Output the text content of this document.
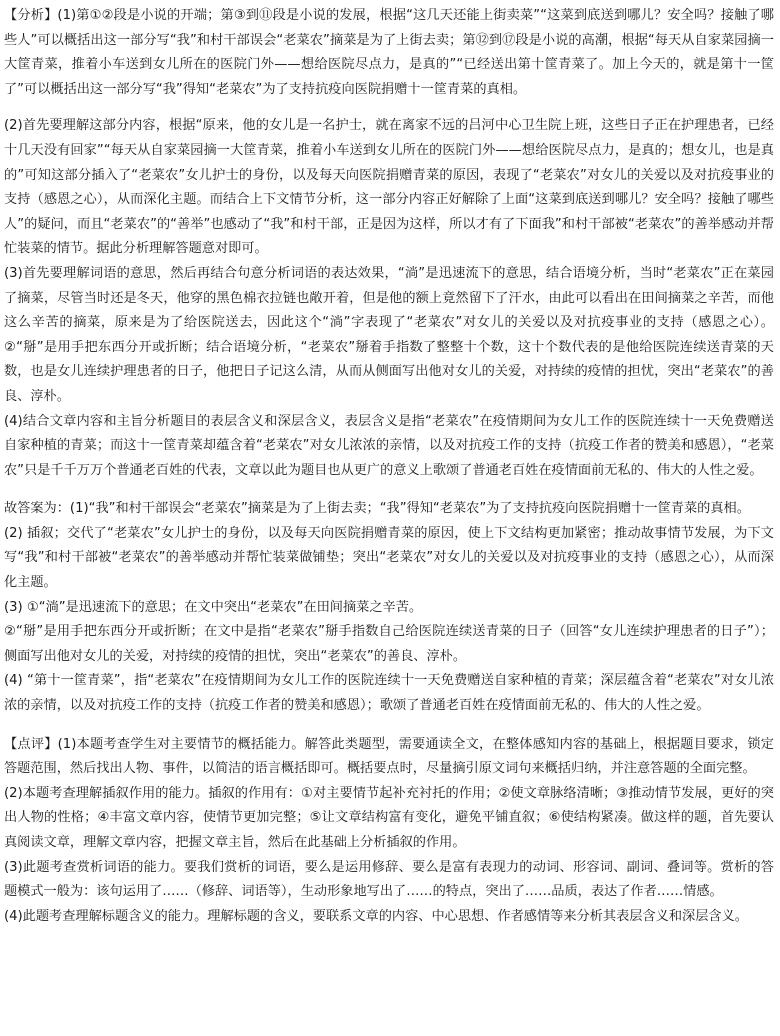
【分析】(1)第①②段是小说的开端；第③到⑪段是小说的发展，根据“这几天还能上街卖菜”“这菜到底送到哪儿？安全吗？接触了哪些人”可以概括出这一部分写“我”和村干部误会“老菜农”摘菜是为了上街去卖；第⑫到⑰段是小说的高潮，根据“每天从自家菜园摘一大筐青菜，推着小车送到女儿所在的医院门外——想给医院尽点力，是真的”“已经送出第十筐青菜了。加上今天的，就是第十一筐了”可以概括出这一部分写“我”得知“老菜农”为了支持抗疫向医院捐赠十一筐青菜的真相。

(2)首先要理解这部分内容，根据“原来，他的女儿是一名护士，就在离家不远的吕河中心卫生院上班，这些日子正在护理患者，已经十几天没有回家”“每天从自家菜园摘一大筐青菜，推着小车送到女儿所在的医院门外——想给医院尽点力，是真的；想女儿，也是真的”可知这部分插入了“老菜农”女儿护士的身份，以及每天向医院捐赠青菜的原因，表现了“老菜农”对女儿的关爱以及对抗疫事业的支持（感恩之心），从而深化主题。而结合上下文情节分析，这一部分内容正好解除了上面“这菜到底送到哪儿？安全吗？接触了哪些人”的疑问，而且“老菜农”的“善举”也感动了“我”和村干部，正是因为这样，所以才有了下面我”和村干部被“老菜农”的善举感动并帮忙装菜的情节。据此分析理解答题意对即可。

(3)首先要理解词语的意思，然后再结合句意分析词语的表达效果，“淌”是迅速流下的意思，结合语境分析，当时“老菜农”正在菜园了摘菜，尽管当时还是冬天，他穿的黑色棉衣拉链也敞开着，但是他的额上竟然留下了汗水，由此可以看出在田间摘菜之辛苦，而他这么辛苦的摘菜，原来是为了给医院送去，因此这个“淌”字表现了“老菜农”对女儿的关爱以及对抗疫事业的支持（感恩之心）。②“掰”是用手把东西分开或折断；结合语境分析，“老菜农”掰着手指数了整整十个数，这十个数代表的是他给医院连续送青菜的天数，也是女儿连续护理患者的日子，他把日子记这么清，从而从侧面写出他对女儿的关爱，对持续的疫情的担忧，突出“老菜农”的善良、淳朴。

(4)结合文章内容和主旨分析题目的表层含义和深层含义，表层含义是指“老菜农”在疫情期间为女儿工作的医院连续十一天免费赠送自家种植的青菜；而这十一筐青菜却蕴含着“老菜农”对女儿浓浓的亲情，以及对抗疫工作的支持（抗疫工作者的赞美和感恩），“老菜农”只是千千万万个普通老百姓的代表，文章以此为题目也从更广的意义上歌颂了普通老百姓在疫情面前无私的、伟大的人性之爱。

故答案为：(1)“我”和村干部误会“老菜农”摘菜是为了上街去卖；“我”得知“老菜农”为了支持抗疫向医院捐赠十一筐青菜的真相。

(2) 插叙；交代了“老菜农”女儿护士的身份，以及每天向医院捐赠青菜的原因，使上下文结构更加紧密；推动故事情节发展，为下文写“我”和村干部被“老菜农”的善举感动并帮忙装菜做铺垫；突出“老菜农”对女儿的关爱以及对抗疫事业的支持（感恩之心），从而深化主题。

(3) ①“淌”是迅速流下的意思；在文中突出“老菜农”在田间摘菜之辛苦。

②“掰”是用手把东西分开或折断；在文中是指“老菜农”掰手指数自己给医院连续送青菜的日子（回答“女儿连续护理患者的日子”）；侧面写出他对女儿的关爱，对持续的疫情的担忧，突出“老菜农”的善良、淳朴。

(4) “第十一筐青菜”，指“老菜农”在疫情期间为女儿工作的医院连续十一天免费赠送自家种植的青菜；深层蕴含着“老菜农”对女儿浓浓的亲情，以及对抗疫工作的支持（抗疫工作者的赞美和感恩）；歌颂了普通老百姓在疫情面前无私的、伟大的人性之爱。

【点评】(1)本题考查学生对主要情节的概括能力。解答此类题型，需要通读全文，在整体感知内容的基础上，根据题目要求，锁定答题范围，然后找出人物、事件，以简洁的语言概括即可。概括要点时，尽量摘引原文词句来概括归纳，并注意答题的全面完整。

(2)本题考查理解插叙作用的能力。插叙的作用有：①对主要情节起补充衬托的作用；②使文章脉络清晰；③推动情节发展，更好的突出人物的性格；④丰富文章内容，使情节更加完整；⑤让文章结构富有变化，避免平铺直叙；⑥使结构紧凑。做这样的题，首先要认真阅读文章，理解文章内容，把握文章主旨，然后在此基础上分析插叙的作用。

(3)此题考查赏析词语的能力。要我们赏析的词语，要么是运用修辞、要么是富有表现力的动词、形容词、副词、叠词等。赏析的答题模式一般为：该句运用了……（修辞、词语等），生动形象地写出了……的特点，突出了……品质，表达了作者……情感。

(4)此题考查理解标题含义的能力。理解标题的含义，要联系文章的内容、中心思想、作者感情等来分析其表层含义和深层含义。
